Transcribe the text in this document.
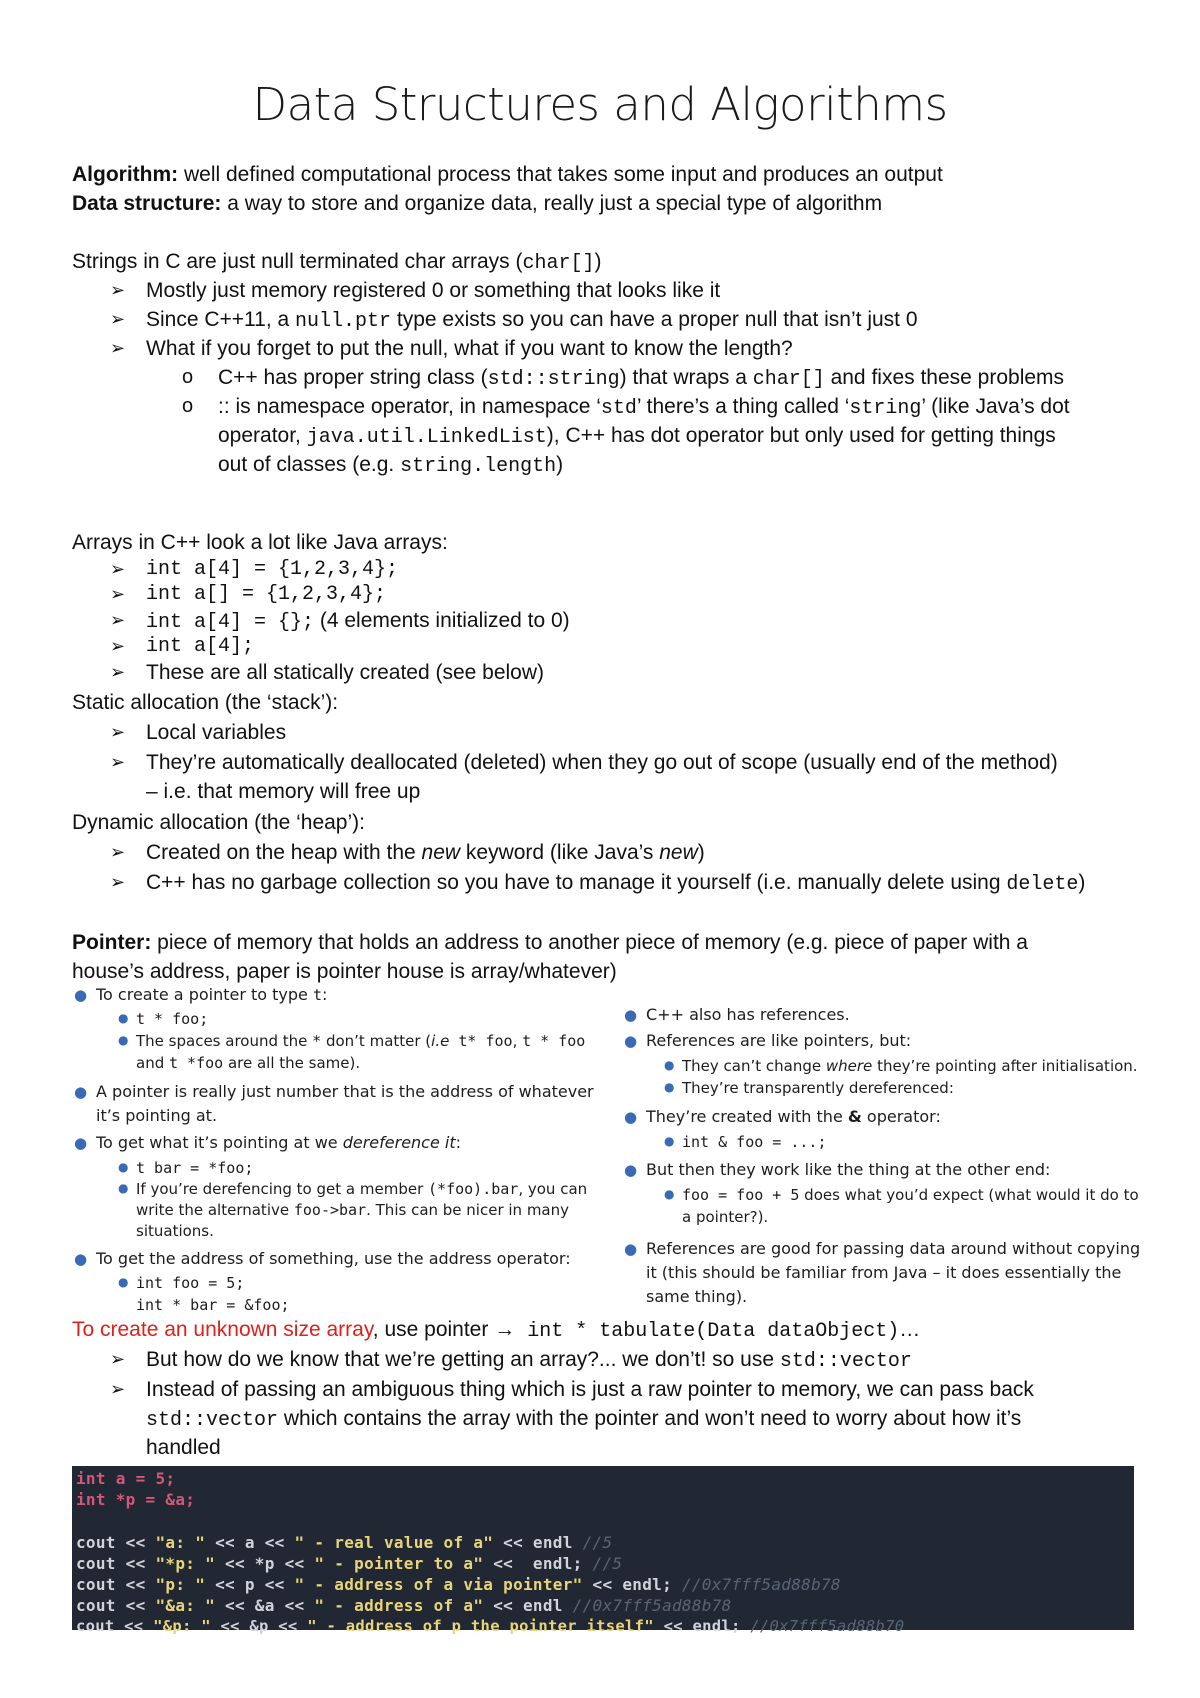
Data Structures and Algorithms
Algorithm: well defined computational process that takes some input and produces an output
Data structure: a way to store and organize data, really just a special type of algorithm
Strings in C are just null terminated char arrays (char[])
➢ Mostly just memory registered 0 or something that looks like it
➢ Since C++11, a null.ptr type exists so you can have a proper null that isn’t just 0
➢ What if you forget to put the null, what if you want to know the length?
o C++ has proper string class (std::string) that wraps a char[] and fixes these problems
o :: is namespace operator, in namespace ‘std’ there’s a thing called ‘string’ (like Java’s dot
operator, java.util.LinkedList), C++ has dot operator but only used for getting things
out of classes (e.g. string.length)
Arrays in C++ look a lot like Java arrays:
➢	int a[4] = {1,2,3,4};
➢	int a[] = {1,2,3,4};
➢	int a[4] = {}; (4 elements initialized to 0)
➢	int a[4];
➢ These are all statically created (see below)
Static allocation (the ‘stack’):
➢ Local variables
➢ They’re automatically deallocated (deleted) when they go out of scope (usually end of the method)
– i.e. that memory will free up
Dynamic allocation (the ‘heap’):
➢ Created on the heap with the new keyword (like Java’s new)
➢ C++ has no garbage collection so you have to manage it yourself (i.e. manually delete using delete)
Pointer: piece of memory that holds an address to another piece of memory (e.g. piece of paper with a
house’s address, paper is pointer house is array/whatever)
● To create a pointer to type t:
● t * foo;
● The spaces around the * don’t matter (i.e t* foo, t * foo
and t *foo are all the same).
● A pointer is really just number that is the address of whatever
it’s pointing at.
● To get what it’s pointing at we dereference it:
● t bar = *foo;
● If you’re derefencing to get a member (*foo).bar, you can
write the alternative foo->bar. This can be nicer in many
situations.
● To get the address of something, use the address operator:
● int foo = 5;
int * bar = &foo;
● C++ also has references.
● References are like pointers, but:
● They can’t change where they’re pointing after initialisation.
● They’re transparently dereferenced:
● They’re created with the & operator:
● int & foo = ...;
● But then they work like the thing at the other end:
● foo = foo + 5 does what you’d expect (what would it do to
a pointer?).
● References are good for passing data around without copying
it (this should be familiar from Java – it does essentially the
same thing).
To create an unknown size array, use pointer → int * tabulate(Data dataObject)…
➢ But how do we know that we’re getting an array?... we don’t! so use std::vector
➢ Instead of passing an ambiguous thing which is just a raw pointer to memory, we can pass back
std::vector which contains the array with the pointer and won’t need to worry about how it’s
handled
int a = 5;
int *p = &a;
cout << "a: " << a << " - real value of a" << endl //5
cout << "*p: " << *p << " - pointer to a" <<  endl; //5
cout << "p: " << p << " - address of a via pointer" << endl; //0x7fff5ad88b78
cout << "&a: " << &a << " - address of a" << endl //0x7fff5ad88b78
cout << "&p: " << &p << " - address of p the pointer itself" << endl; //0x7fff5ad88b70
